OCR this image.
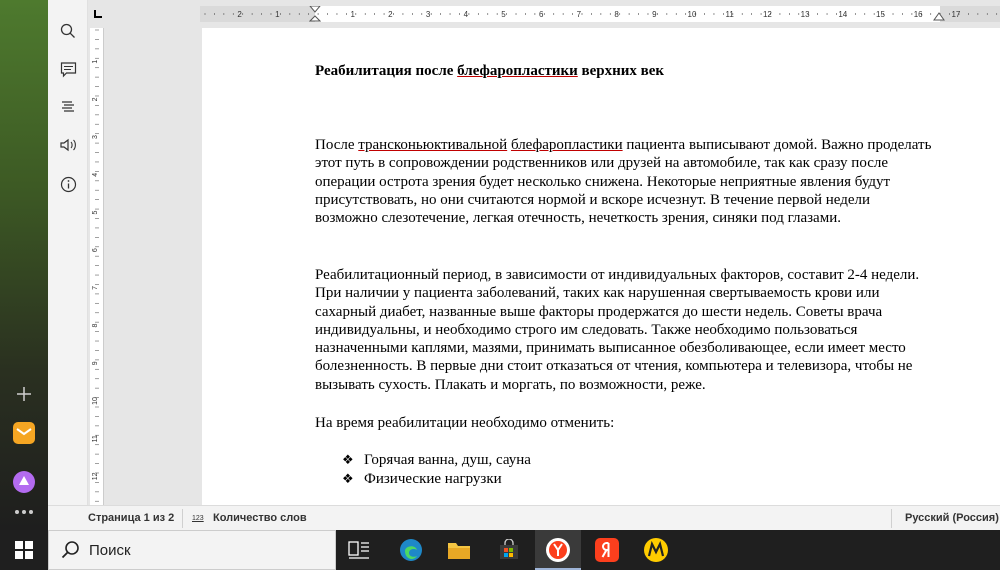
2	1	1	2	3	4	5	6	7	8	9	10	11	12	13	14	15	16	17
1
2
3
4
5
6
7
8
9
10
11
12
Реабилитация после блефаропластики верхних век
После трансконьюктивальной блефаропластики пациента выписывают домой. Важно проделать этот путь в сопровождении родственников или друзей на автомобиле, так как сразу после операции острота зрения будет несколько снижена. Некоторые неприятные явления будут присутствовать, но они считаются нормой и вскоре исчезнут. В течение первой недели возможно слезотечение, легкая отечность, нечеткость зрения, синяки под глазами.
Реабилитационный период, в зависимости от индивидуальных факторов, составит 2-4 недели. При наличии у пациента заболеваний, таких как нарушенная свертываемость крови или сахарный диабет, названные выше факторы продержатся до шести недель. Советы врача индивидуальны, и необходимо строго им следовать. Также необходимо пользоваться назначенными каплями, мазями, принимать выписанное обезболивающее, если имеет место болезненность. В первые дни стоит отказаться от чтения, компьютера и телевизора, чтобы не вызывать сухость. Плакать и моргать, по возможности, реже.
На время реабилитации необходимо отменить:
❖ Горячая ванна, душ, сауна
❖ Физические нагрузки
Страница 1 из 2	123 Количество слов	Русский (Россия)
Поиск
